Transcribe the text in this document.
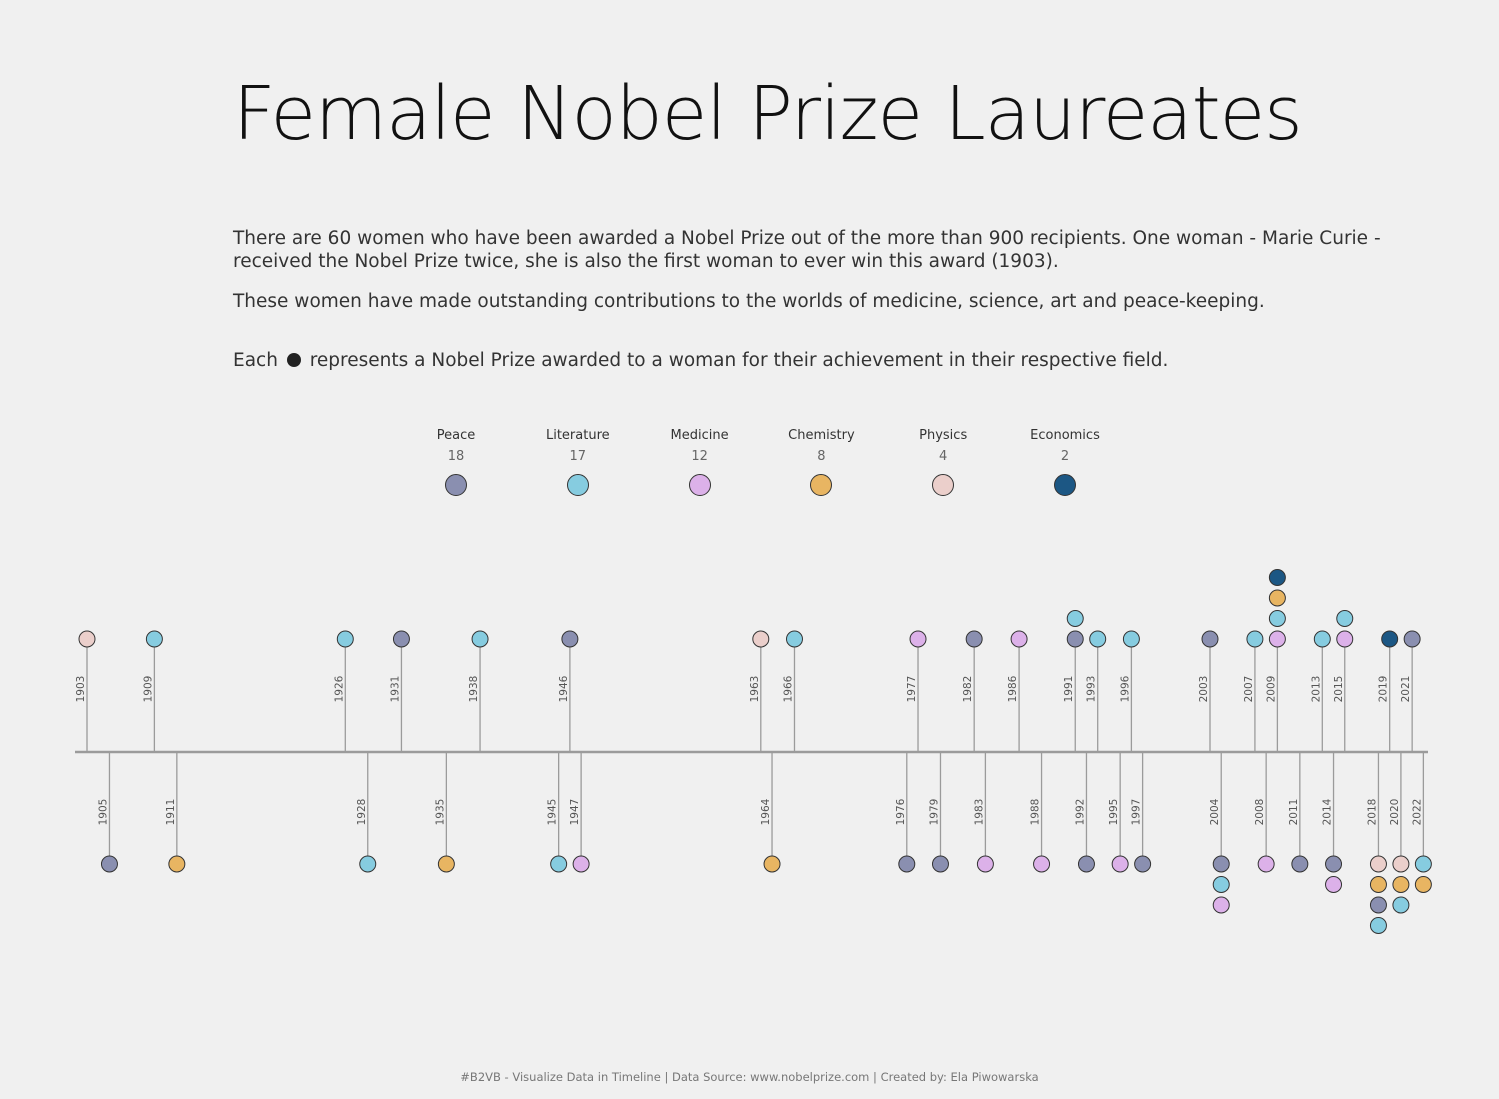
Female Nobel Prize Laureates

There are 60 women who have been awarded a Nobel Prize out of the more than 900 recipients. One woman - Marie Curie - received the Nobel Prize twice, she is also the first woman to ever win this award (1903).

These women have made outstanding contributions to the worlds of medicine, science, art and peace-keeping.

Each represents a Nobel Prize awarded to a woman for their achievement in their respective field.

Peace
18
Literature
17
Medicine
12
Chemistry
8
Physics
4
Economics
2
1903
1905
1909
1911
1926
1928
1931
1935
1938
1945
1946
1947
1963
1964
1966
1976
1977
1979
1982
1983
1986
1988
1991
1992
1993
1995
1996
1997
2003
2004
2007
2008
2009
2011
2013
2014
2015
2018
2019
2020
2021
2022
#B2VB - Visualize Data in Timeline | Data Source: www.nobelprize.com | Created by: Ela Piwowarska
